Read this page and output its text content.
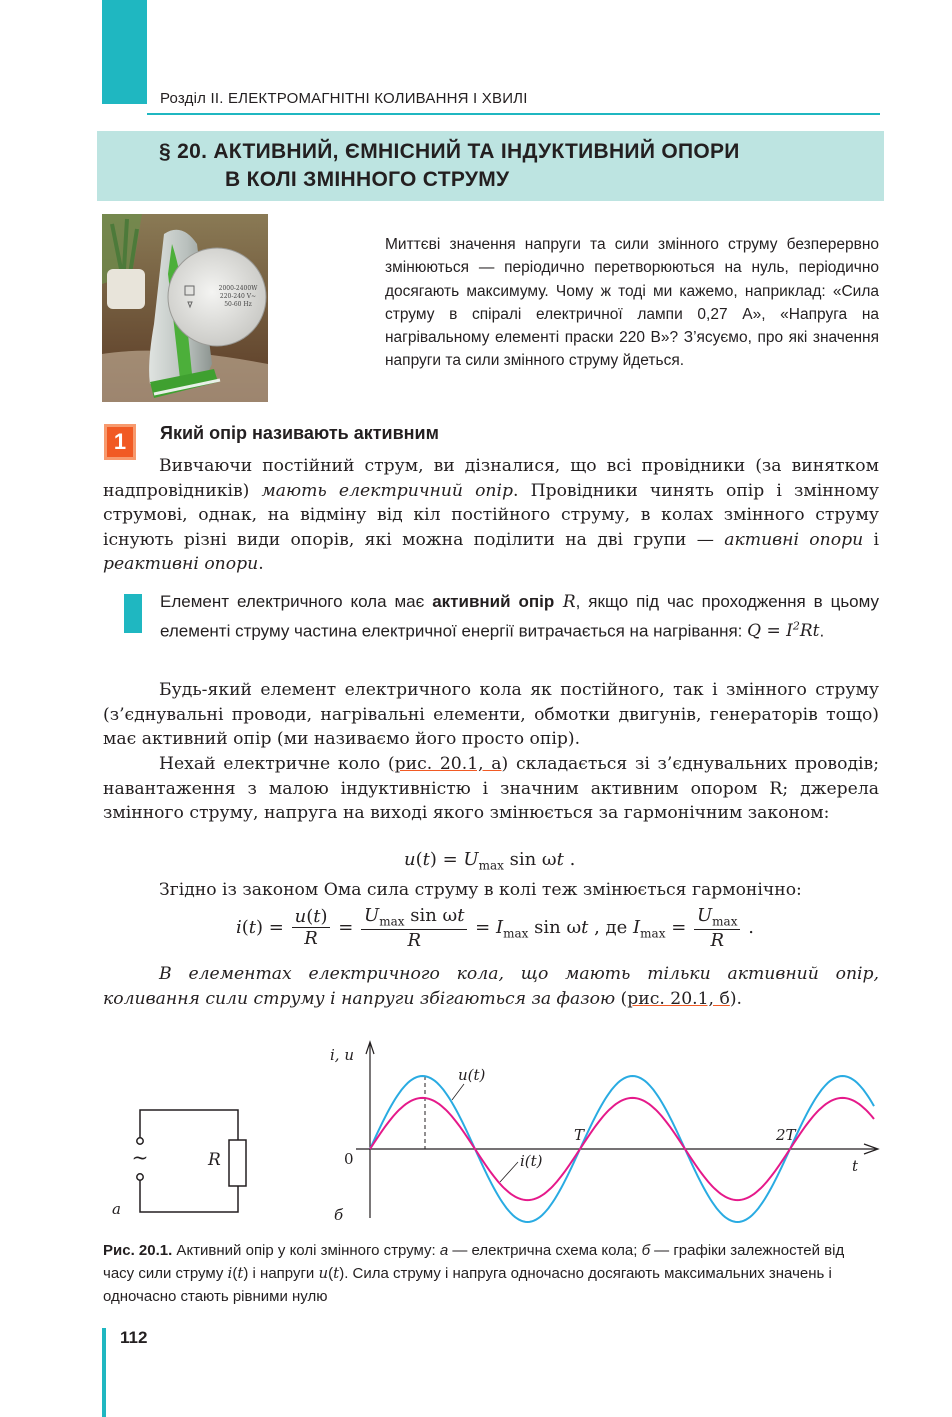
Розділ II. ЕЛЕКТРОМАГНІТНІ КОЛИВАННЯ І ХВИЛІ
§ 20. АКТИВНИЙ, ЄМНІСНИЙ ТА ІНДУКТИВНИЙ ОПОРИ
В КОЛІ ЗМІННОГО СТРУМУ
2000-2400W
220-240 V~
50-60 Hz
Миттєві значення напруги та сили змінного струму безперервно змінюються — періодично перетворюються на нуль, періодично досягають максимуму. Чому ж тоді ми кажемо, наприклад: «Сила струму в спіралі електричної лампи 0,27 А», «Напруга на нагрівальному елементі праски 220 В»? З’ясуємо, про які значення напруги та сили змінного струму йдеться.
1	Який опір називають активним
Вивчаючи постійний струм, ви дізналися, що всі провідники (за винятком надпровідників) мають електричний опір. Провідники чинять опір і змінному струмові, однак, на відміну від кіл постійного струму, в колах змінного струму існують різні види опорів, які можна поділити на дві групи — активні опори і реактивні опори.
Елемент електричного кола має активний опір R, якщо під час проходження в цьому елементі струму частина електричної енергії витрачається на нагрівання: $Q = I^2Rt$.
Будь-який елемент електричного кола як постійного, так і змінного струму (з’єднувальні проводи, нагрівальні елементи, обмотки двигунів, генераторів тощо) має активний опір (ми називаємо його просто опір).
Нехай електричне коло (рис. 20.1, а) складається зі з’єднувальних проводів; навантаження з малою індуктивністю і значним активним опором R; джерела змінного струму, напруга на виході якого змінюється за гармонічним законом:
$u(t) = U_{max}$ sin ωt .
Згідно із законом Ома сила струму в колі теж змінюється гармонічно:
$i(t) = \frac{u(t)}{R} = \frac{U_{max} \sin \omega t}{R} = I_{max}$ sin ωt , де $I_{max} = \frac{U_{max}}{R}$ .
В елементах електричного кола, що мають тільки активний опір, коливання сили струму і напруги збігаються за фазою (рис. 20.1, б).
~	R
а
i, u
t
0
T	2T
u(t)
i(t)
б
Рис. 20.1. Активний опір у колі змінного струму: а — електрична схема кола; б — графіки залежностей від часу сили струму i(t) і напруги u(t). Сила струму і напруга одночасно досягають максимальних значень і одночасно стають рівними нулю
112
